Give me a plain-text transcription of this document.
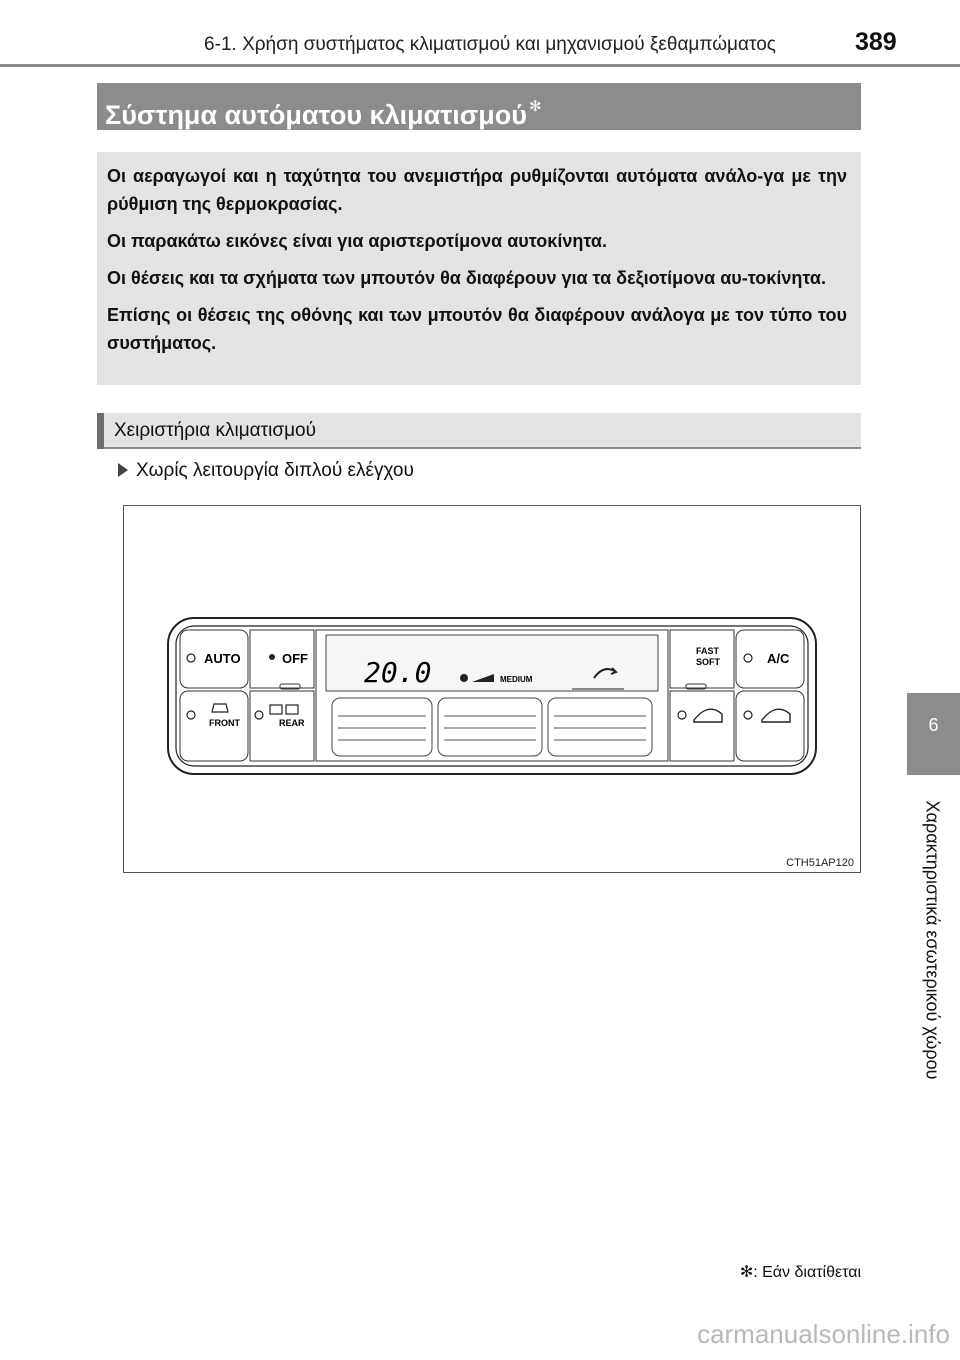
6-1. Χρήση συστήματος κλιματισμού και μηχανισμού ξεθαμπώματος	389
Σύστημα αυτόματου κλιματισμού ✻

Οι αεραγωγοί και η ταχύτητα του ανεμιστήρα ρυθμίζονται αυτόματα ανάλο-γα με την ρύθμιση της θερμοκρασίας.

Οι παρακάτω εικόνες είναι για αριστεροτίμονα αυτοκίνητα.

Οι θέσεις και τα σχήματα των μπουτόν θα διαφέρουν για τα δεξιοτίμονα αυ-τοκίνητα.

Επίσης οι θέσεις της οθόνης και των μπουτόν θα διαφέρουν ανάλογα με τον τύπο του συστήματος.

Χειριστήρια κλιματισμού
Χωρίς λειτουργία διπλού ελέγχου
AUTO	OFF
FRONT	REAR
20.0	MEDIUM
FAST
SOFT	A/C
CTH51AP120
6
Χαρακτηριστικά εσωτερικού χώρου
✻: Εάν διατίθεται
carmanualsonline.info
